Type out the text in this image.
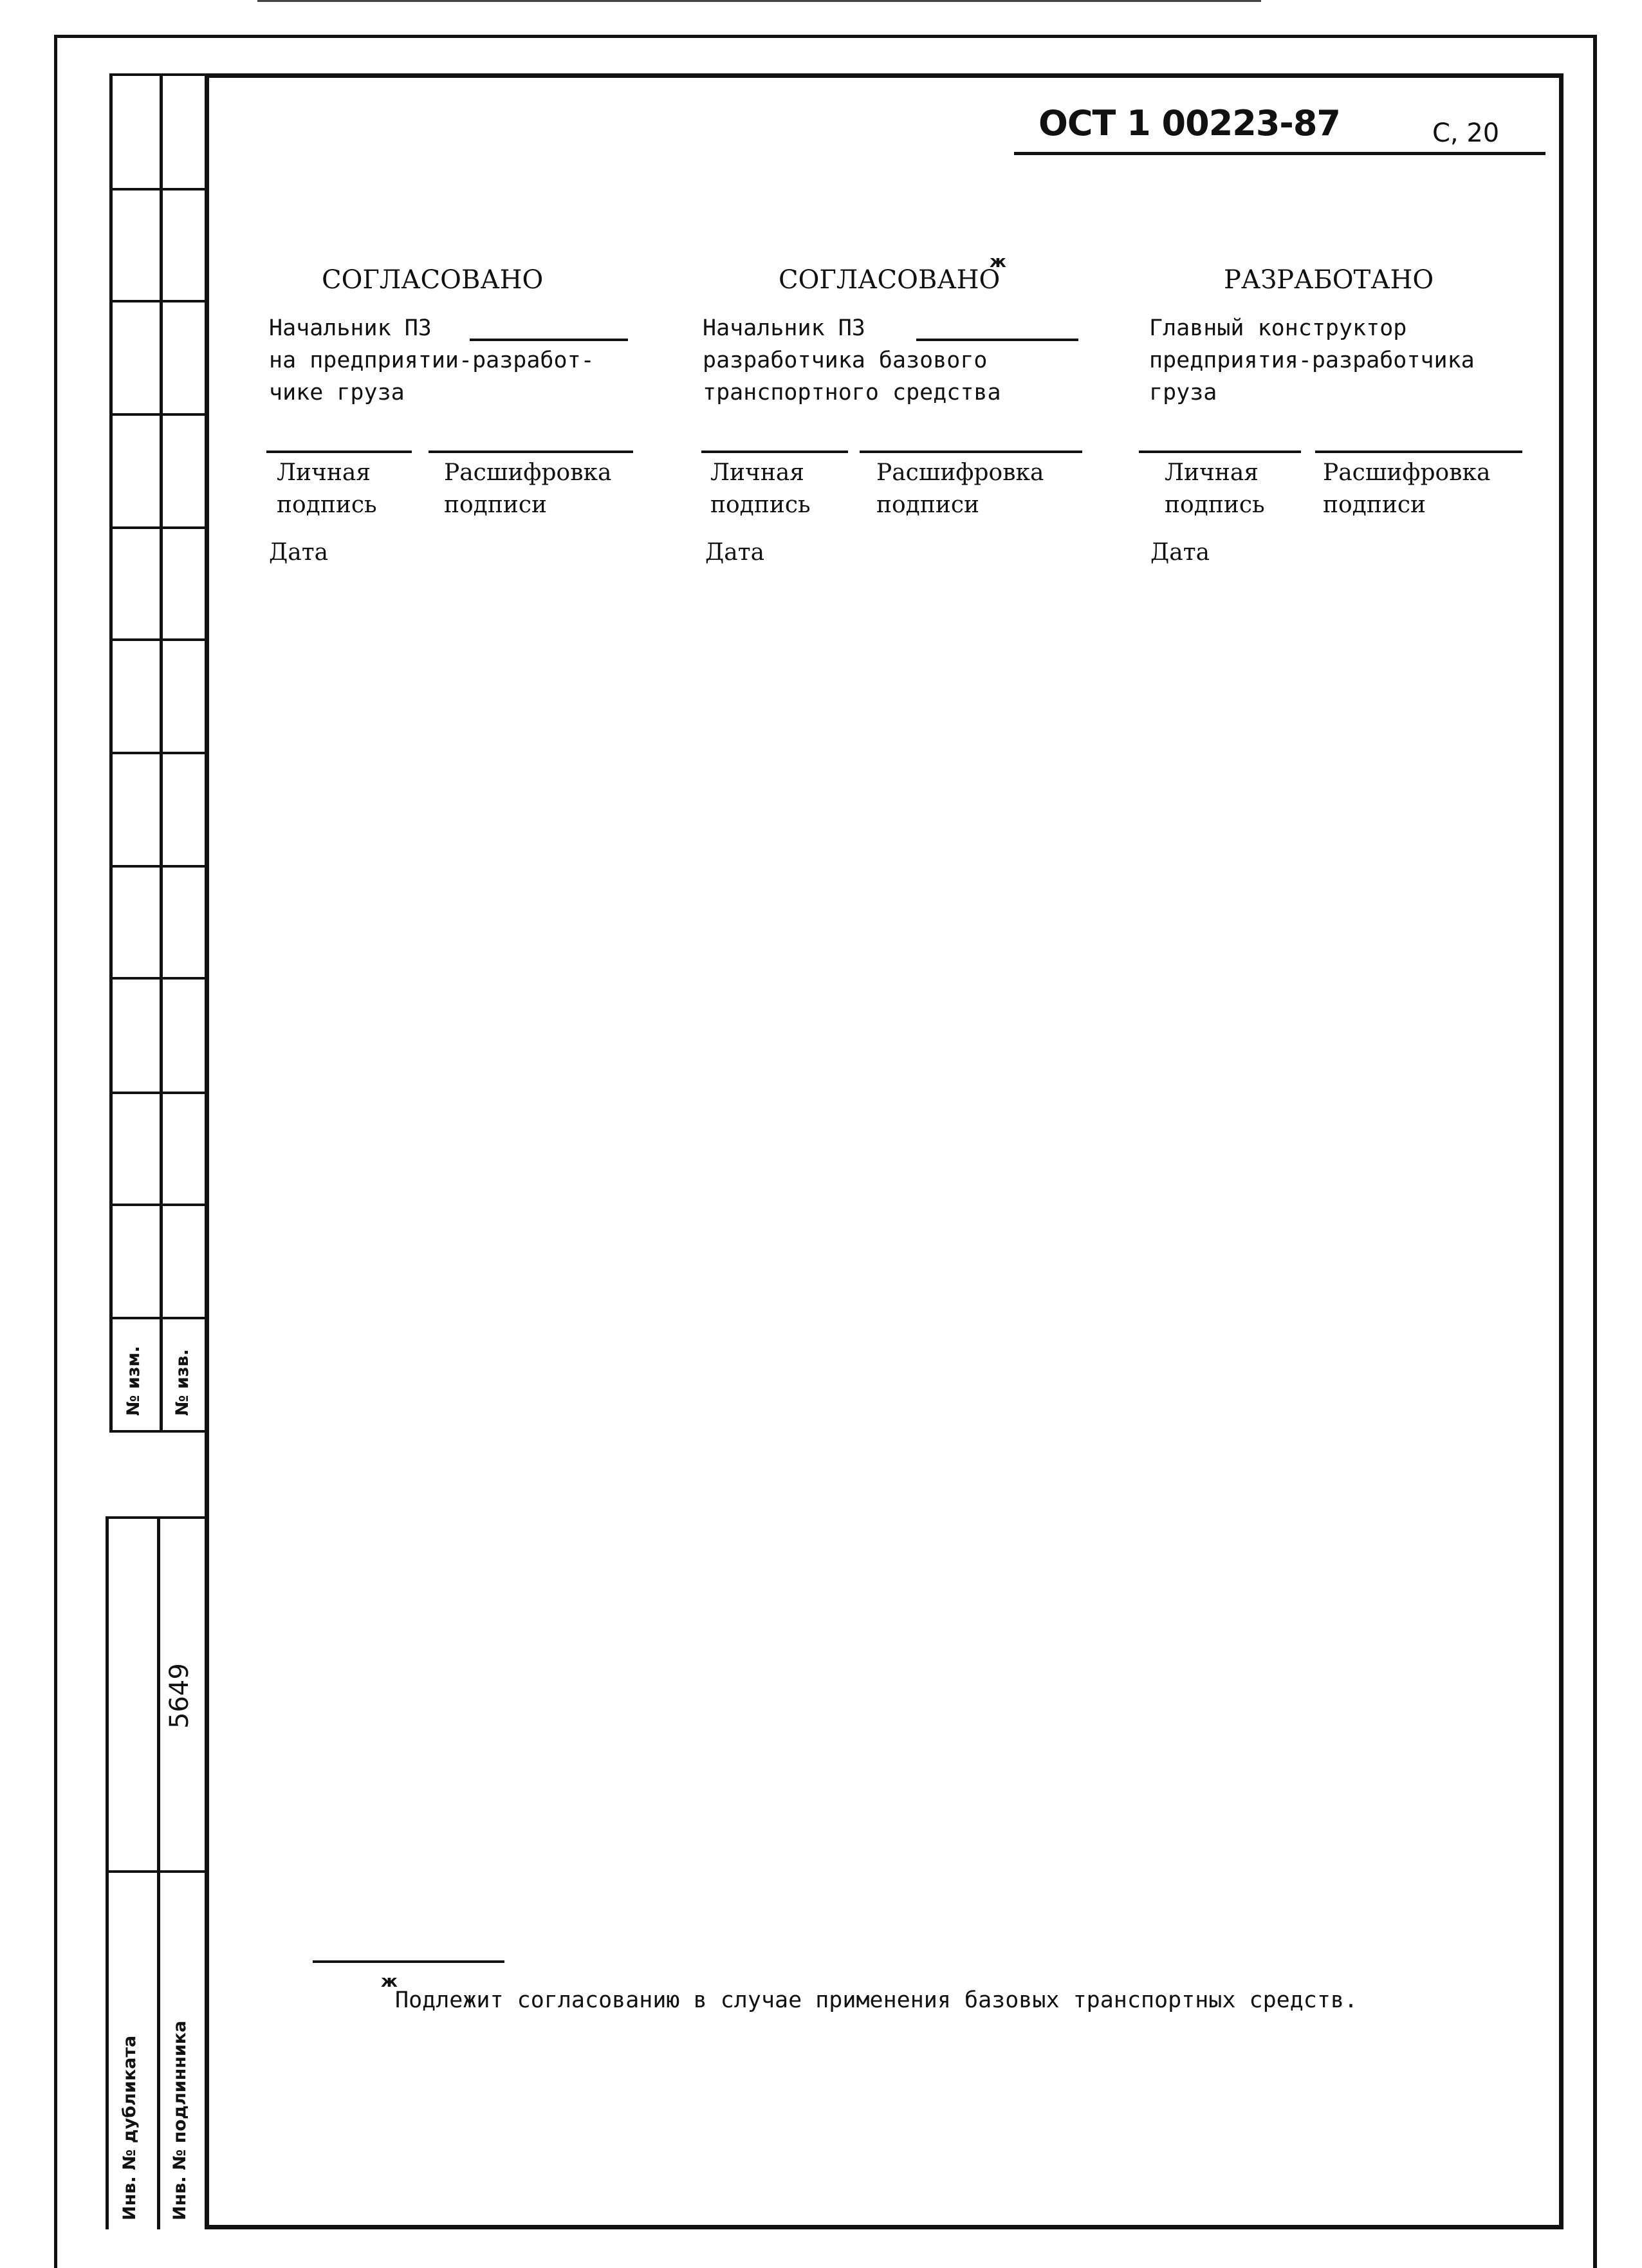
№ изм. № изв.
5649
Инв. № дубликата Инв. № подлинника
ОСТ 1 00223-87	С, 20
СОГЛАСОВАНО
Начальник ПЗ
на предприятии-разработ-
чике груза
Личная
подпись
Расшифровка
подписи
Дата
СОГЛАСОВАНО
ж
Начальник ПЗ
разработчика базового
транспортного средства
Личная
подпись
Расшифровка
подписи
Дата
РАЗРАБОТАНО
Главный конструктор
предприятия-разработчика
груза
Личная
подпись
Расшифровка
подписи
Дата
ж
Подлежит согласованию в случае применения базовых транспортных средств.
